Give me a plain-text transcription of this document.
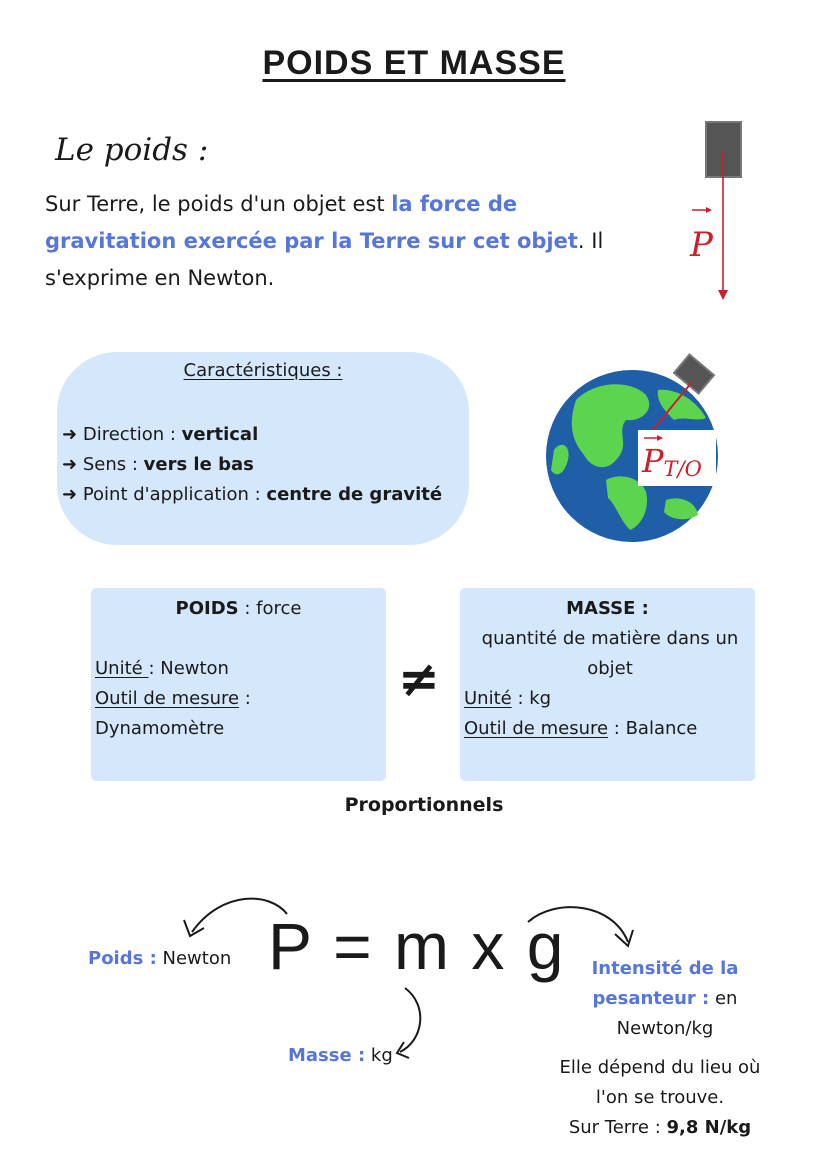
POIDS ET MASSE
Le poids :
Sur Terre, le poids d'un objet est la force de gravitation exercée par la Terre sur cet objet. Il s'exprime en Newton.
P
Caractéristiques :
➜ Direction : vertical
➜ Sens : vers le bas
➜ Point d'application : centre de gravité
PT/O
POIDS : force
Unité : Newton
Outil de mesure :
Dynamomètre
≠
MASSE :
quantité de matière dans un objet
Unité : kg
Outil de mesure : Balance
Proportionnels
P = m x g
Poids : Newton
Masse : kg
Intensité de la pesanteur : en Newton/kg
Elle dépend du lieu où
l'on se trouve.
Sur Terre : 9,8 N/kg
